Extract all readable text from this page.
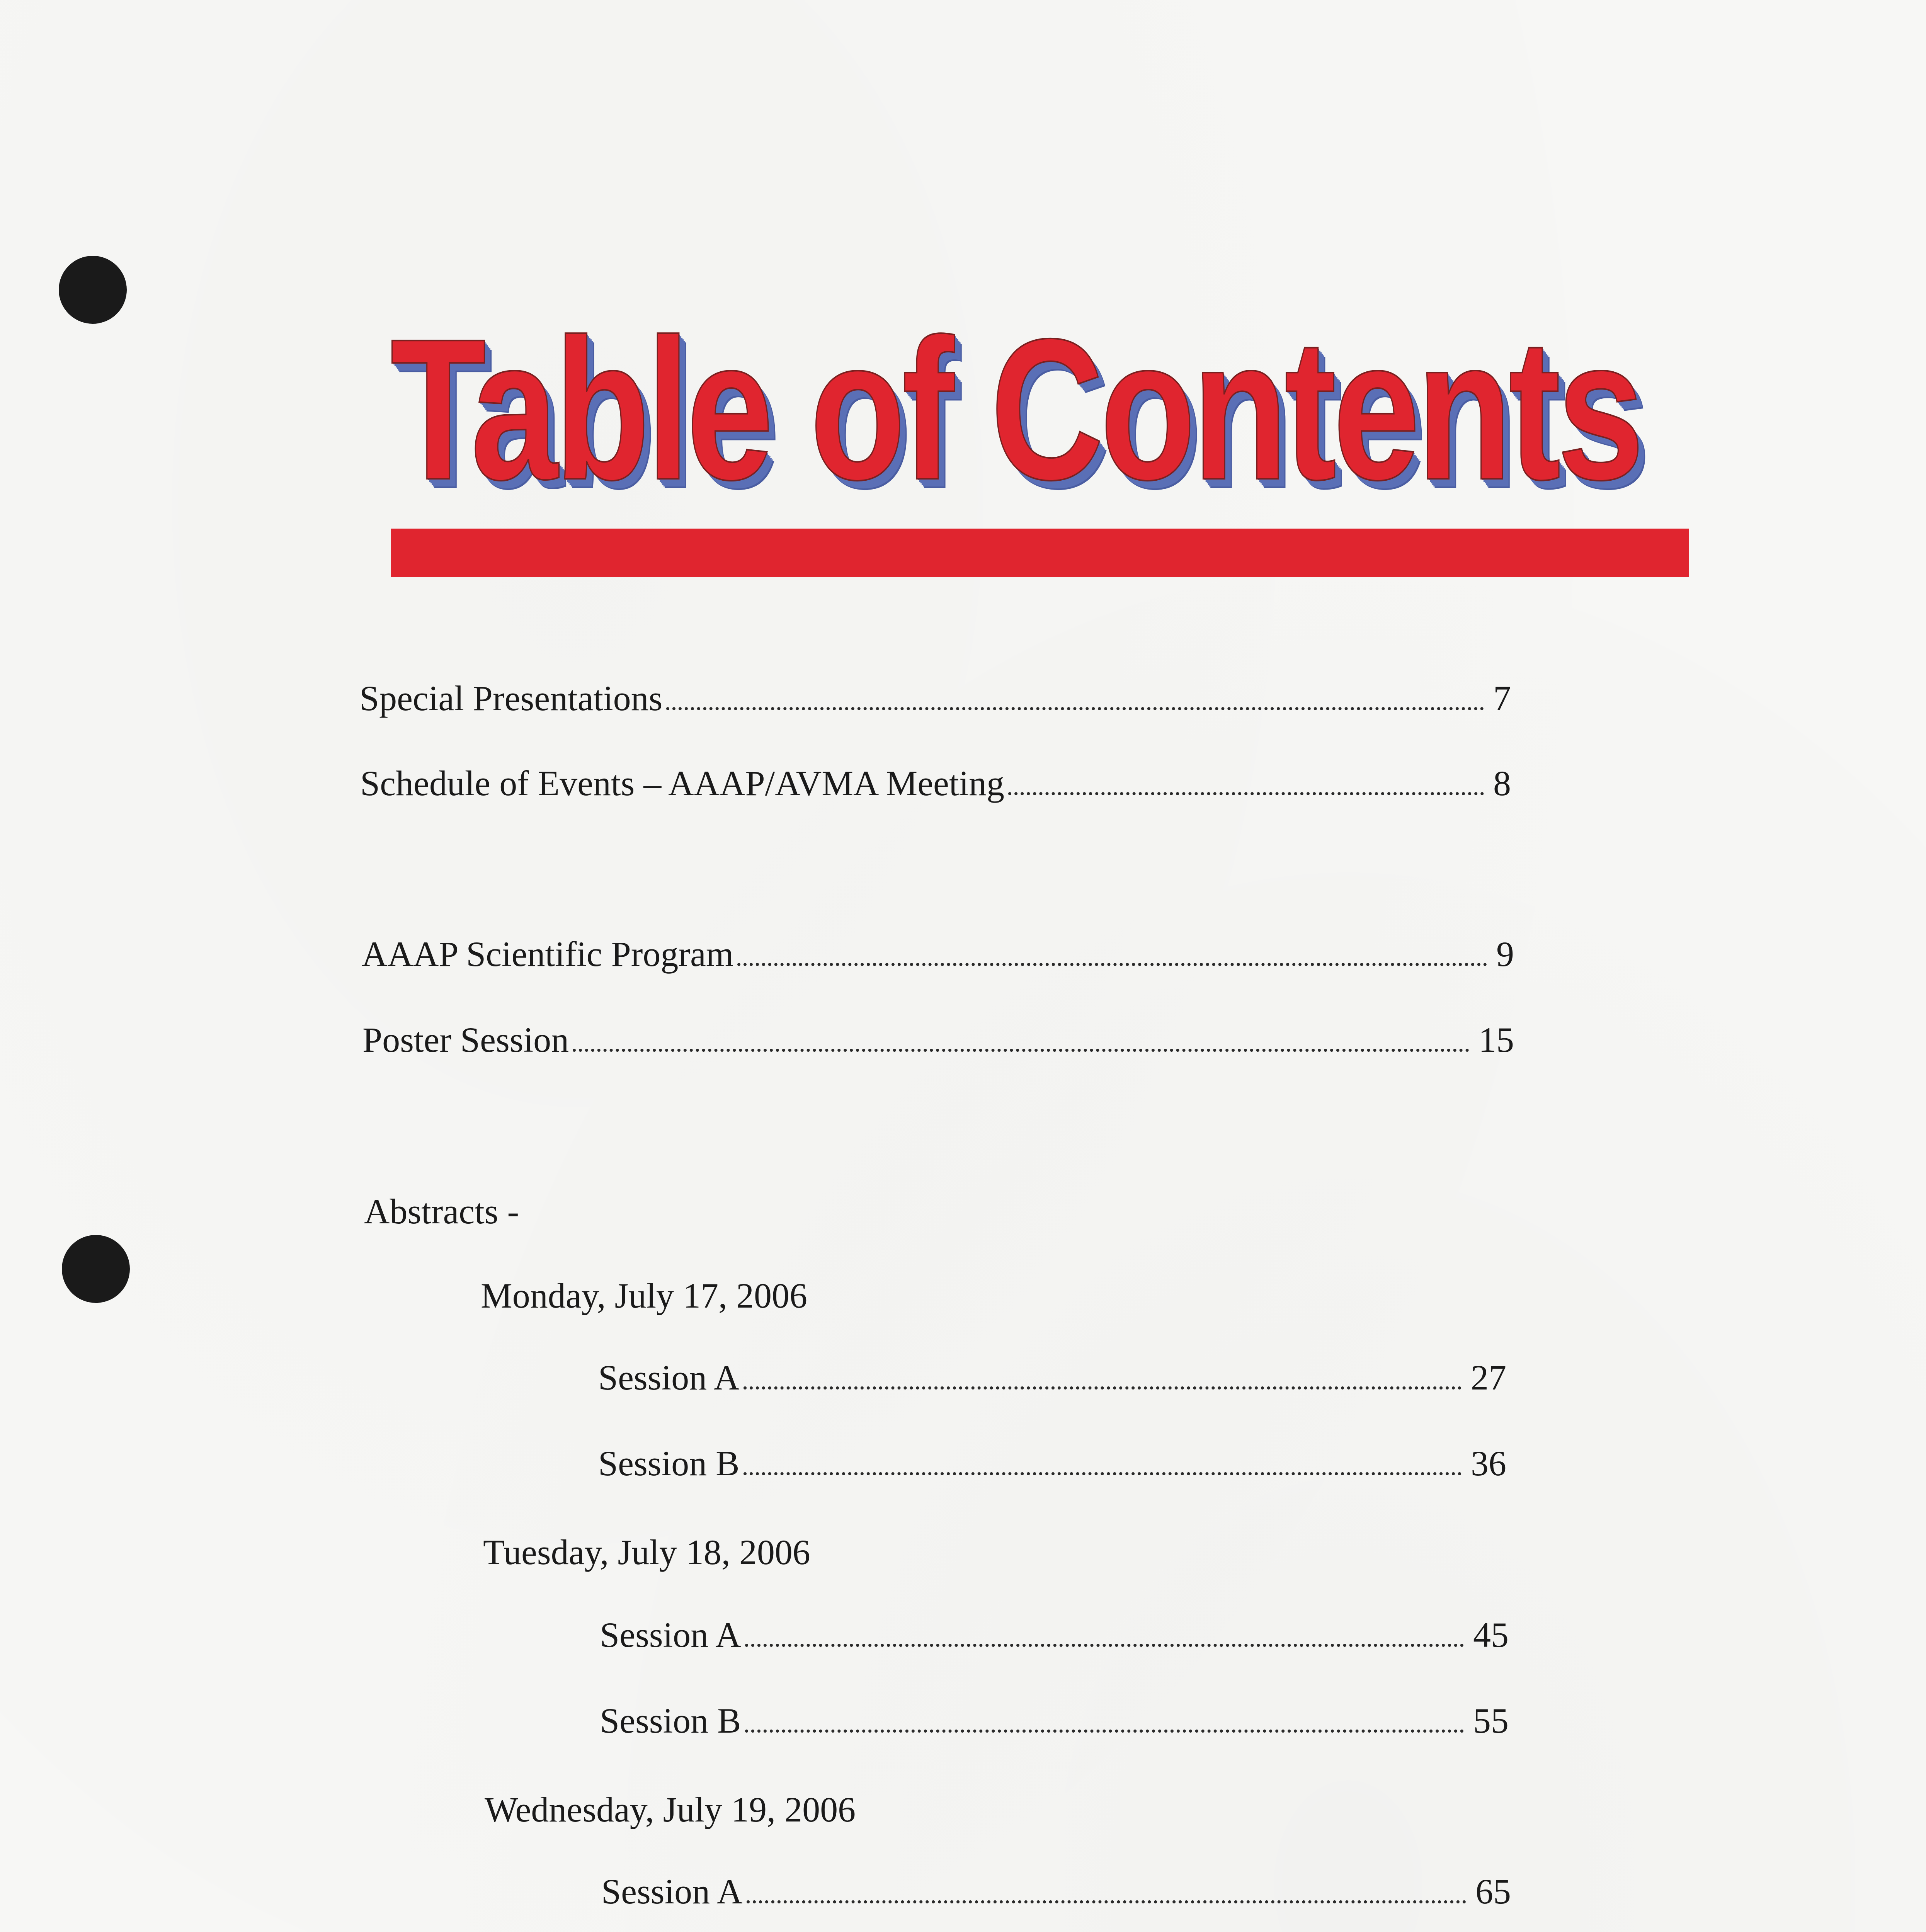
Table of Contents
Special Presentations	7
Schedule of Events – AAAP/AVMA Meeting	8
AAAP Scientific Program	9
Poster Session	15
Abstracts -
Monday, July 17, 2006
Session A	27
Session B	36
Tuesday, July 18, 2006
Session A	45
Session B	55
Wednesday, July 19, 2006
Session A	65
